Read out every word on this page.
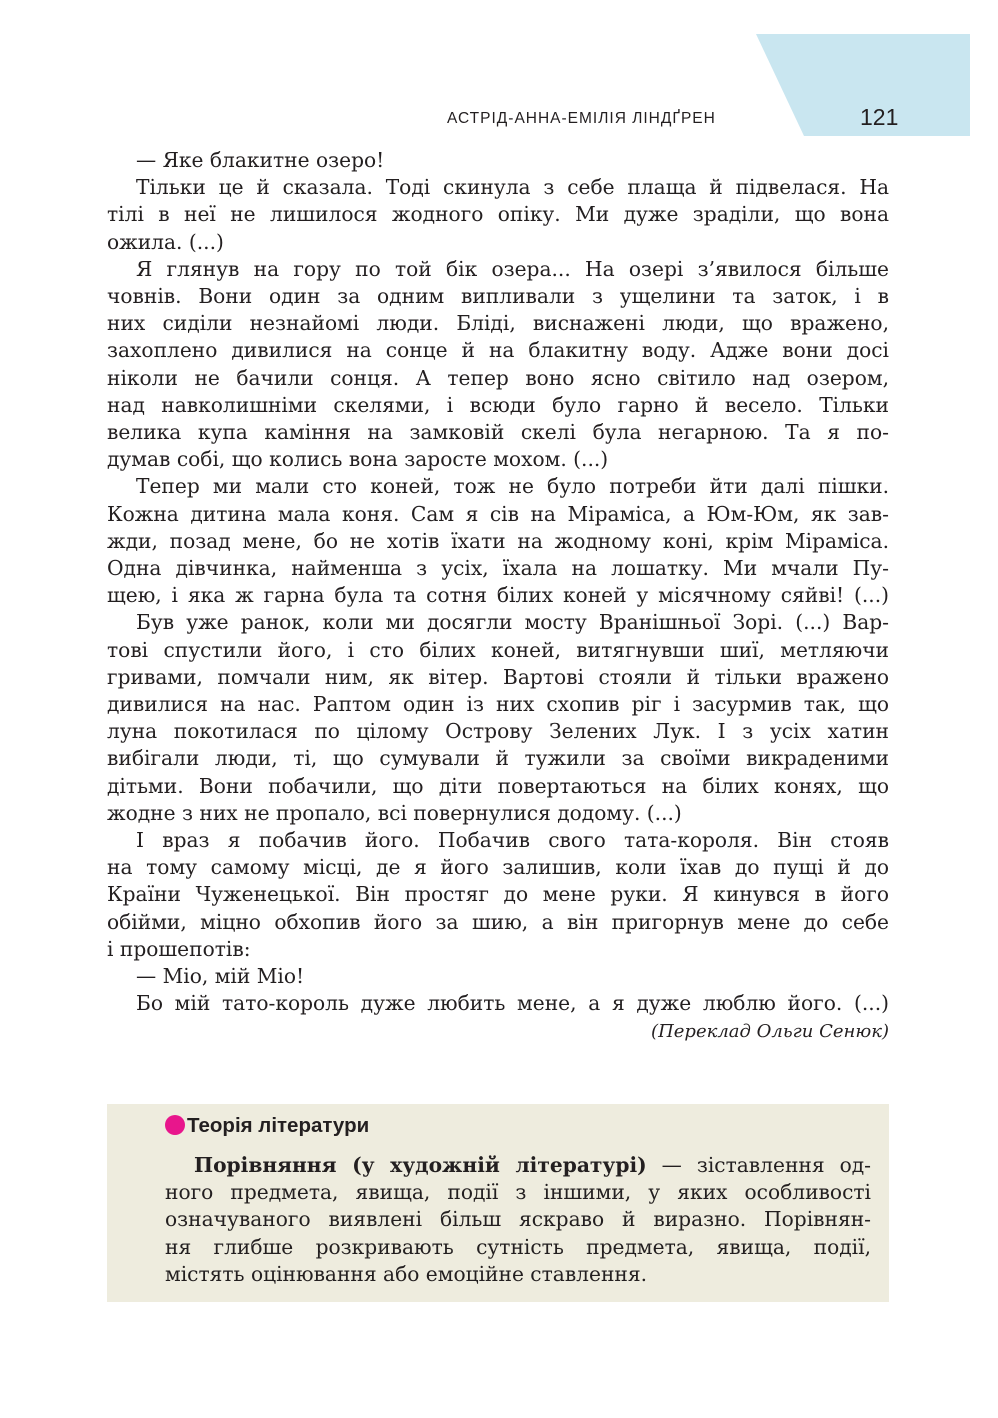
АСТРІД-АННА-ЕМІЛІЯ ЛІНДҐРЕН	121

— Яке блакитне озеро!

Тільки це й сказала. Тоді скинула з себе плаща й підвелася. На

тілі в неї не лишилося жодного опіку. Ми дуже зраділи, що вона

ожила. (...)

Я глянув на гору по той бік озера... На озері з’явилося більше

човнів. Вони один за одним випливали з ущелини та заток, і в

них сиділи незнайомі люди. Бліді, виснажені люди, що вражено,

захоплено дивилися на сонце й на блакитну воду. Адже вони досі

ніколи не бачили сонця. А тепер воно ясно світило над озером,

над навколишніми скелями, і всюди було гарно й весело. Тільки

велика купа каміння на замковій скелі була негарною. Та я по-

думав собі, що колись вона заросте мохом. (...)

Тепер ми мали сто коней, тож не було потреби йти далі пішки.

Кожна дитина мала коня. Сам я сів на Міраміса, а Юм-Юм, як зав-

жди, позад мене, бо не хотів їхати на жодному коні, крім Міраміса.

Одна дівчинка, найменша з усіх, їхала на лошатку. Ми мчали Пу-

щею, і яка ж гарна була та сотня білих коней у місячному сяйві! (...)

Був уже ранок, коли ми досягли мосту Вранішньої Зорі. (...) Вар-

тові спустили його, і сто білих коней, витягнувши шиї, метляючи

гривами, помчали ним, як вітер. Вартові стояли й тільки вражено

дивилися на нас. Раптом один із них схопив ріг і засурмив так, що

луна покотилася по цілому Острову Зелених Лук. І з усіх хатин

вибігали люди, ті, що сумували й тужили за своїми викраденими

дітьми. Вони побачили, що діти повертаються на білих конях, що

жодне з них не пропало, всі повернулися додому. (...)

І враз я побачив його. Побачив свого тата-короля. Він стояв

на тому самому місці, де я його залишив, коли їхав до пущі й до

Країни Чуженецької. Він простяг до мене руки. Я кинувся в його

обійми, міцно обхопив його за шию, а він пригорнув мене до себе

і прошепотів:

— Міо, мій Міо!

Бо мій тато-король дуже любить мене, а я дуже люблю його. (...)

(Переклад Ольги Сенюк)

Теорія літератури

Порівняння (у художній літературі) — зіставлення од-

ного предмета, явища, події з іншими, у яких особливості

означуваного виявлені більш яскраво й виразно. Порівнян-

ня глибше розкривають сутність предмета, явища, події,

містять оцінювання або емоційне ставлення.
